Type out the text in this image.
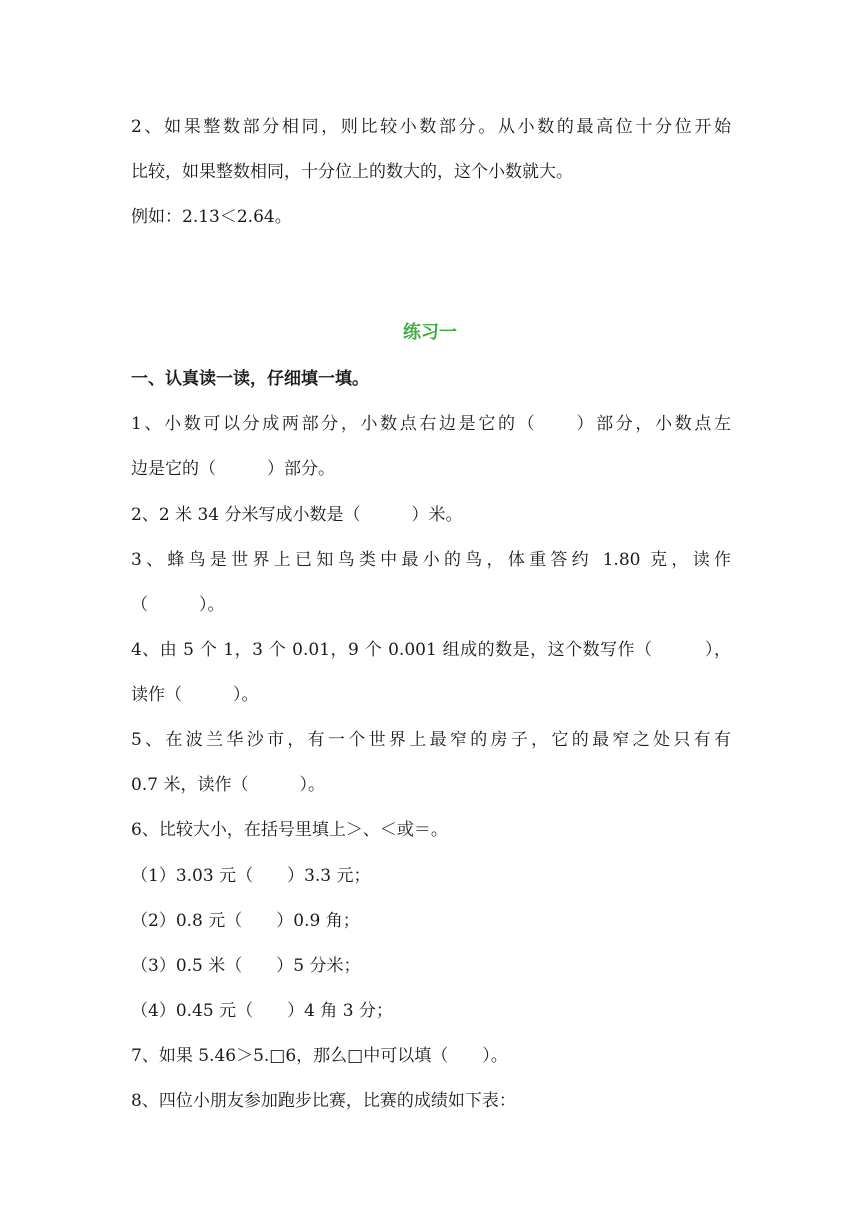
2、如果整数部分相同，则比较小数部分。从小数的最高位十分位开始
比较，如果整数相同，十分位上的数大的，这个小数就大。
例如：2.13＜2.64。
练习一
一、认真读一读，仔细填一填。
1、小数可以分成两部分，小数点右边是它的（　　）部分，小数点左
边是它的（　　　）部分。
2、2 米 34 分米写成小数是（　　　）米。
3、蜂鸟是世界上已知鸟类中最小的鸟，体重答约 1.80 克，读作
（　　　）。
4、由 5 个 1，3 个 0.01，9 个 0.001 组成的数是，这个数写作（　　　），
读作（　　　）。
5、在波兰华沙市，有一个世界上最窄的房子，它的最窄之处只有有
0.7 米，读作（　　　）。
6、比较大小，在括号里填上＞、＜或＝。
（1）3.03 元（　　）3.3 元；
（2）0.8 元（　　）0.9 角；
（3）0.5 米（　　）5 分米；
（4）0.45 元（　　）4 角 3 分；
7、如果 5.46＞5.□6，那么□中可以填（　　）。
8、四位小朋友参加跑步比赛，比赛的成绩如下表：
